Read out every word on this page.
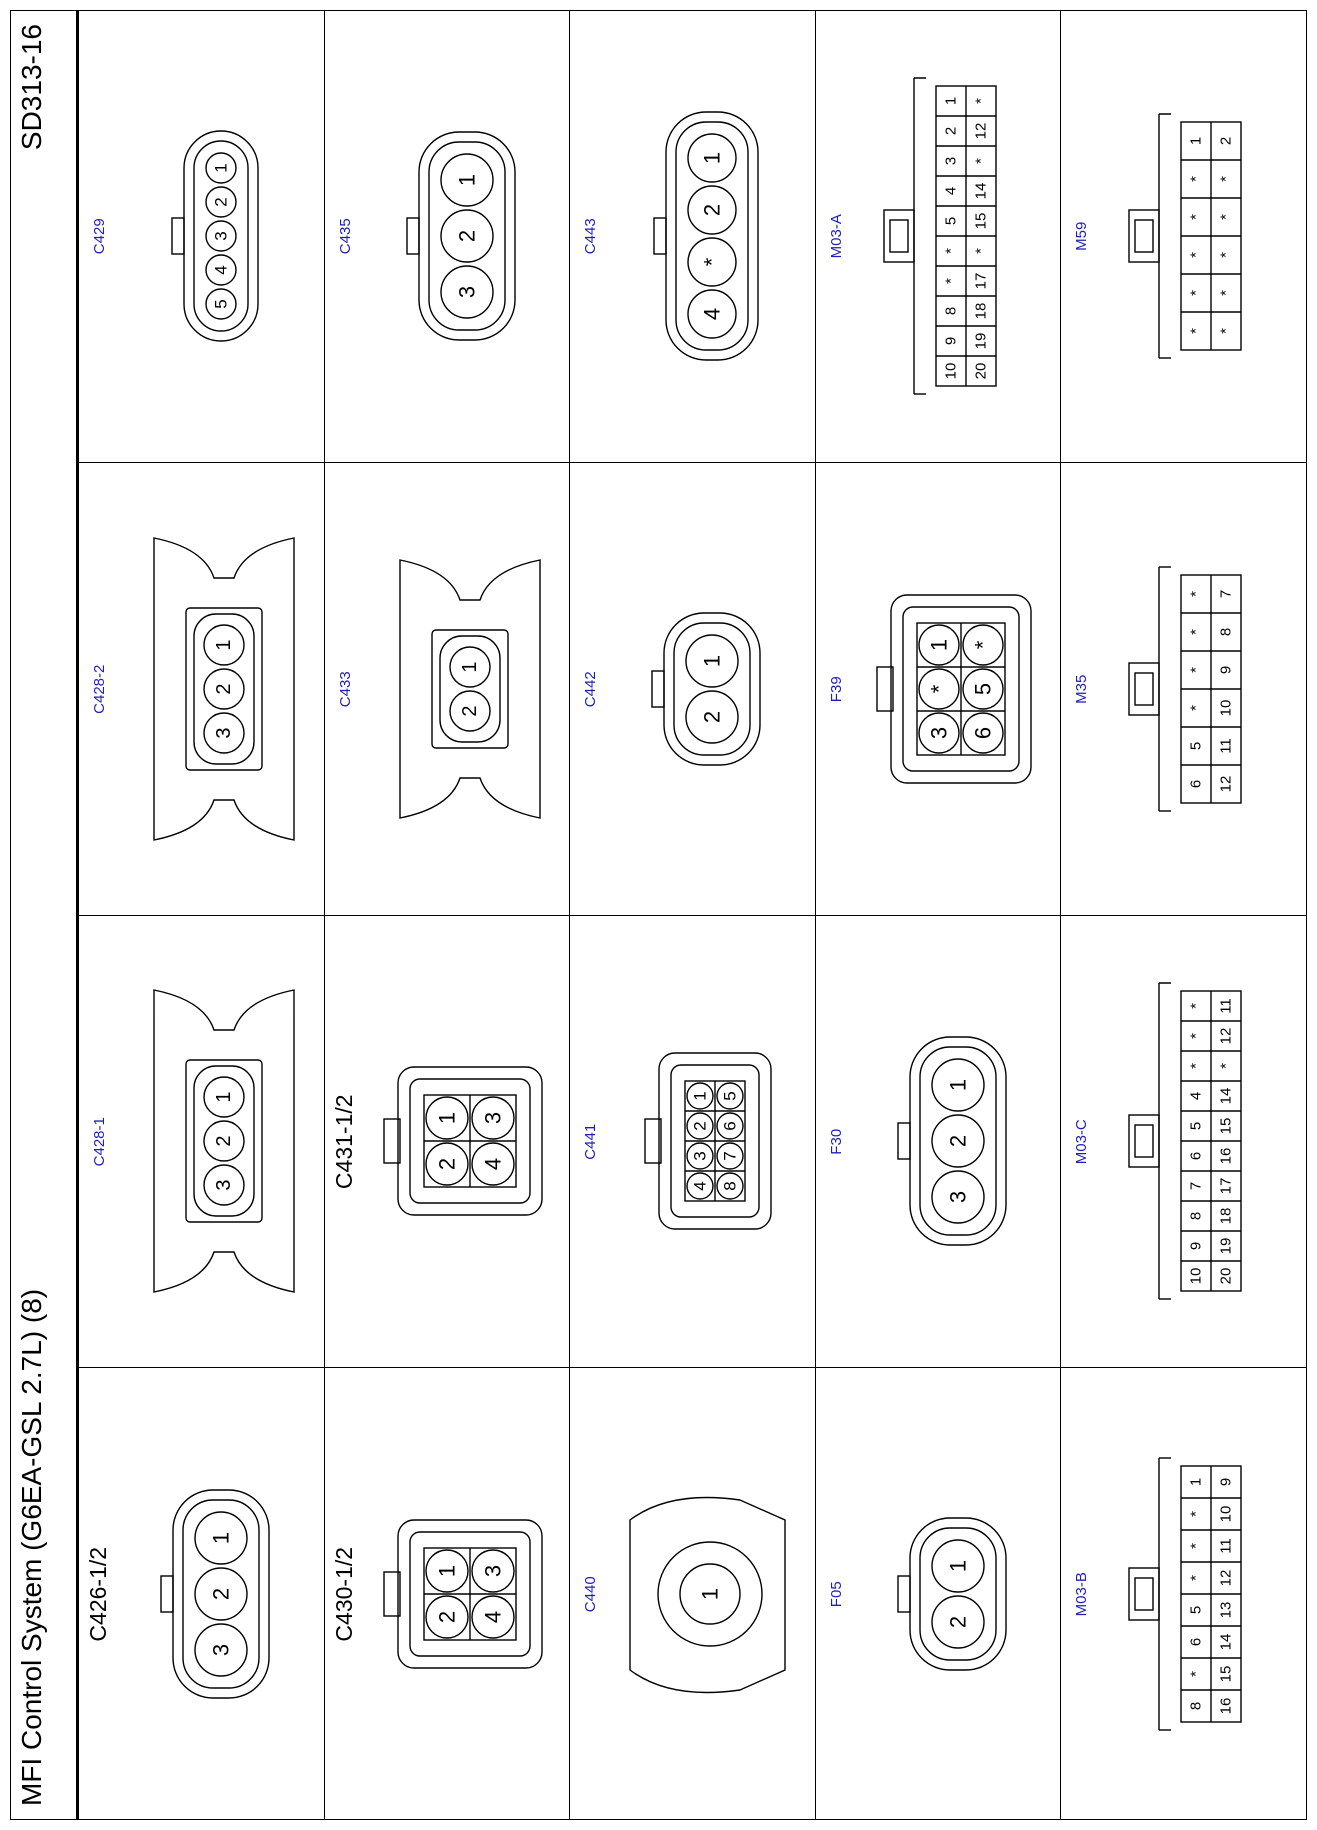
MFI Control System (G6EA-GSL 2.7L) (8)
SD313-16
1
2
3
C426-1/2
1
2
3
C428-1
1
2
3
C428-2
1
2
3
4
5
C429
1
2
3
4
C430-1/2
1
2
3
4
C431-1/2
1
2
C433
1
2
3
C435
1
C440
1
2
3
4
5
6
7
8
C441
1
2
C442
1
2
*
4
C443
1
2
F05
1
2
3
F30
1
*
3
*
5
6
F39
1
2
3
4
5
*
*
8
9
10
*
12
*
14
15
*
17
18
19
20
M03-A
1
*
*
*
5
6
*
8
9
10
11
12
13
14
15
16
M03-B
*
*
*
4
5
6
7
8
9
10
11
12
*
14
15
16
17
18
19
20
M03-C
*
*
*
*
5
6
7
8
9
10
11
12
M35
1
*
*
*
*
*
2
*
*
*
*
*
M59
